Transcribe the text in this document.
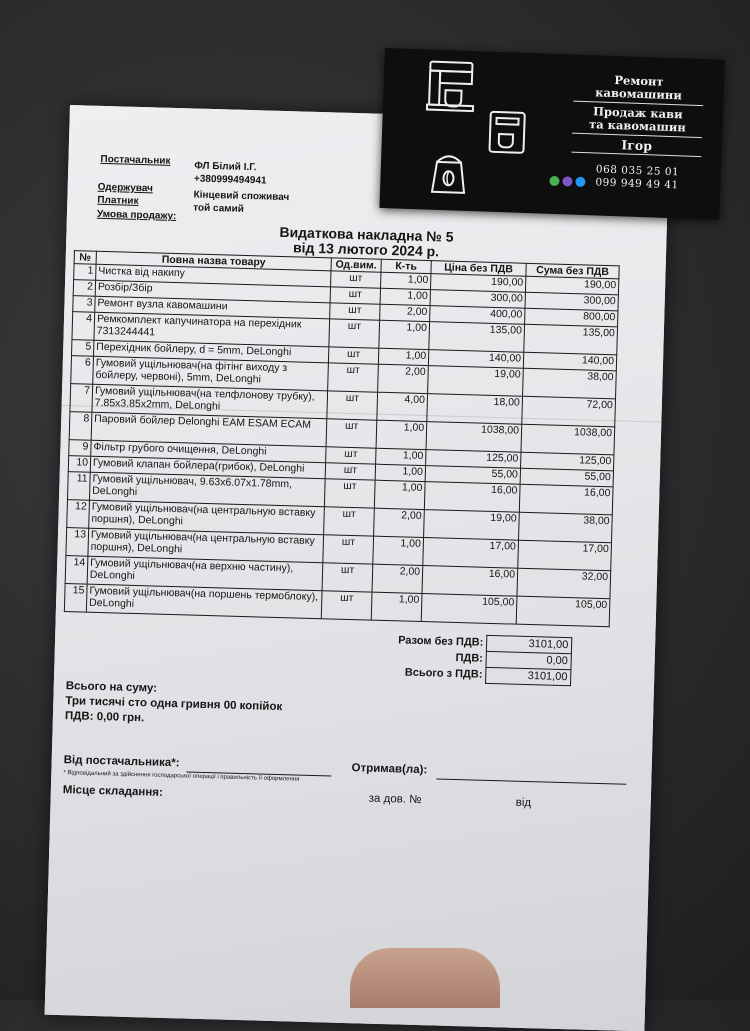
Постачальник
ФЛ Білий І.Г.
+380999494941
Одержувач
Кінцевий споживач
Платник
той самий
Умова продажу:
Видаткова накладна № 5
від 13 лютого 2024 р.
№	Повна назва товару	Од.вим.	К-ть	Ціна без ПДВ	Сума без ПДВ
1	Чистка від накипу	шт	1,00	190,00	190,00
2	Розбір/Збір	шт	1,00	300,00	300,00
3	Ремонт вузла кавомашини	шт	2,00	400,00	800,00
4	Ремкомплект капучинатора на перехідник 7313244441	шт	1,00	135,00	135,00
5	Перехідник бойлеру, d = 5mm, DeLonghi	шт	1,00	140,00	140,00
6	Гумовий ущільнювач(на фітінг виходу з бойлеру, червоні), 5mm, DeLonghi	шт	2,00	19,00	38,00
7	Гумовий ущільнювач(на телфлонову трубку), 7.85x3.85x2mm, DeLonghi	шт	4,00	18,00	72,00
8	Паровий бойлер Delonghi EAM ESAM ECAM	шт	1,00	1038,00	1038,00
9	Фільтр грубого очищення, DeLonghi	шт	1,00	125,00	125,00
10	Гумовий клапан бойлера(грибок), DeLonghi	шт	1,00	55,00	55,00
11	Гумовий ущільнювач, 9.63x6.07x1.78mm, DeLonghi	шт	1,00	16,00	16,00
12	Гумовий ущільнювач(на центральную вставку поршня), DeLonghi	шт	2,00	19,00	38,00
13	Гумовий ущільнювач(на центральную вставку поршня), DeLonghi	шт	1,00	17,00	17,00
14	Гумовий ущільнювач(на верхню частину), DeLonghi	шт	2,00	16,00	32,00
15	Гумовий ущільнювач(на поршень термоблоку), DeLonghi	шт	1,00	105,00	105,00
Разом без ПДВ:	3101,00
ПДВ:	0,00
Всього з ПДВ:	3101,00
Всього на суму:
Три тисячі сто одна гривня 00 копійок
ПДВ: 0,00 грн.
Від постачальника*:	Отримав(ла):
* Відповідальний за здійснення господарської операції і правильність її оформлення
Місце складання:
за дов. №	від
Ремонт
кавомашини
Продаж кави
та кавомашин
Ігор
068 035 25 01
099 949 49 41
